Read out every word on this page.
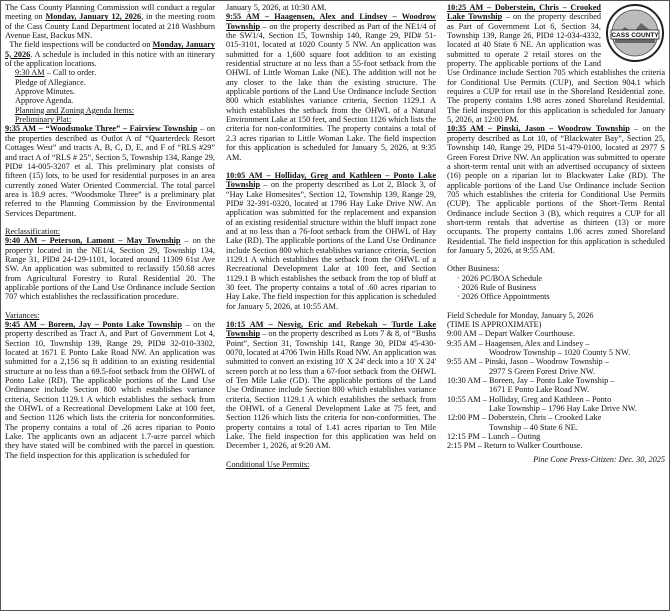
The Cass County Planning Commission will conduct a regular meeting on Monday, January 12, 2026, in the meeting room of the Cass County Land Department located at 218 Washburn Avenue East, Backus MN.

The field inspections will be conducted on Monday, January 5, 2026. A schedule is included in this notice with an itinerary of the application locations.

9:30 AM – Call to order.

Pledge of Allegiance.

Approve Minutes.

Approve Agenda.

Planning and Zoning Agenda Items:

Preliminary Plat:

9:35 AM – “Woodsmoke Three” – Fairview Township – on the properties described as Outlot A of “Quarterdeck Resort Cottages West” and tracts A, B, C, D, E, and F of “RLS #29” and tract A of “RLS # 25”, Section 5, Township 134, Range 29, PID# 14-005-3207 et al. This preliminary plat consists of fifteen (15) lots, to be used for residential purposes in an area currently zoned Water Oriented Commercial. The total parcel area is 18.9 acres. “Woodsmoke Three” is a preliminary plat referred to the Planning Commission by the Environmental Services Department.

Reclassification:

9:40 AM – Peterson, Lamont – May Township – on the property located in the NE1/4, Section 29, Township 134, Range 31, PID# 24-129-1101, located around 11309 61st Ave SW. An application was submitted to reclassify 150.68 acres from Agricultural Forestry to Rural Residential 20. The applicable portions of the Land Use Ordinance include Section 707 which establishes the reclassification procedure.

Variances:

9:45 AM – Boreen, Jay – Ponto Lake Township – on the property described as Tract A, and Part of Government Lot 4, Section 10, Township 139, Range 29, PID# 32-010-3302, located at 1671 E Ponto Lake Road NW. An application was submitted for a 2,156 sq ft addition to an existing residential structure at no less than a 69.5-foot setback from the OHWL of Ponto Lake (RD). The applicable portions of the Land Use Ordinance include Section 800 which establishes variance criteria, Section 1129.1 A which establishes the setback from the OHWL of a Recreational Development Lake at 100 feet, and Section 1126 which lists the criteria for nonconformities. The property contains a total of .26 acres riparian to Ponto Lake. The applicants own an adjacent 1.7-acre parcel which they have stated will be combined with the parcel in question. The field inspection for this application is scheduled for

January 5, 2026, at 10:30 AM.

9:55 AM – Haagensen, Alex and Lindsey – Woodrow Township – on the property described as Part of the NE1/4 of the SW1/4, Section 15, Township 140, Range 29, PID# 51-015-3101, located at 1020 County 5 NW. An application was submitted for a 1,600 square foot addition to an existing residential structure at no less than a 55-foot setback from the OHWL of Little Woman Lake (NE). The addition will not be any closer to the lake than the existing structure. The applicable portions of the Land Use Ordinance include Section 800 which establishes variance criteria, Section 1129.1 A which establishes the setback from the OHWL of a Natural Environment Lake at 150 feet, and Section 1126 which lists the criteria for non-conformities. The property contains a total of 2.3 acres riparian to Little Woman Lake. The field inspection for this application is scheduled for January 5, 2026, at 9:35 AM.

10:05 AM – Holliday, Greg and Kathleen – Ponto Lake Township – on the property described as Lot 2, Block 3, of “Hay Lake Homesites”, Section 12, Township 139, Range 29, PID# 32-391-0320, located at 1796 Hay Lake Drive NW. An application was submitted for the replacement and expansion of an existing residential structure within the bluff impact zone and at no less than a 76-foot setback from the OHWL of Hay Lake (RD). The applicable portions of the Land Use Ordinance include Section 800 which establishes variance criteria, Section 1129.1 A which establishes the setback from the OHWL of a Recreational Development Lake at 100 feet, and Section 1129.1 B which establishes the setback from the top of bluff at 30 feet. The property contains a total of .60 acres riparian to Hay Lake. The field inspection for this application is scheduled for January 5, 2026, at 10:55 AM.

10:15 AM – Nesvig, Eric and Rebekah – Turtle Lake Township – on the property described as Lots 7 & 8, of “Bushs Point”, Section 31, Township 141, Range 30, PID# 45-430-0070, located at 4706 Twin Hills Road NW. An application was submitted to convert an existing 10' X 24' deck into a 10' X 24' screen porch at no less than a 67-foot setback from the OHWL of Ten Mile Lake (GD). The applicable portions of the Land Use Ordinance include Section 800 which establishes variance criteria, Section 1129.1 A which establishes the setback from the OHWL of a General Development Lake at 75 feet, and Section 1126 which lists the criteria for non-conformities. The property contains a total of 1.41 acres riparian to Ten Mile Lake. The field inspection for this application was held on December 1, 2026, at 9:20 AM.

Conditional Use Permits:

CASS COUNTY

10:25 AM – Doberstein, Chris – Crooked Lake Township – on the property described as Part of Government Lot 6, Section 34, Township 139, Range 26, PID# 12-034-4332, located at 40 State 6 NE. An application was submitted to operate 2 retail stores on the property. The applicable portions of the Land Use Ordinance include Section 705 which establishes the criteria for Conditional Use Permits (CUP), and Section 904.1 which requires a CUP for retail use in the Shoreland Residential zone. The property contains 1.98 acres zoned Shoreland Residential. The field inspection for this application is scheduled for January 5, 2026, at 12:00 PM.

10:35 AM – Pinski, Jason – Woodrow Township – on the property described as Lot 10, of “Blackwater Bay”, Section 25, Township 140, Range 29, PID# 51-479-0100, located at 2977 S Green Forest Drive NW. An application was submitted to operate a short-term rental unit with an advertised occupancy of sixteen (16) people on a riparian lot to Blackwater Lake (RD). The applicable portions of the Land Use Ordinance include Section 705 which establishes the criteria for Conditional Use Permits (CUP). The applicable portions of the Short-Term Rental Ordinance include Section 3 (B), which requires a CUP for all short-term rentals that advertise as thirteen (13) or more occupants. The property contains 1.06 acres zoned Shoreland Residential. The field inspection for this application is scheduled for January 5, 2026, at 9:55 AM.

Other Business:

· 2026 PC/BOA Schedule

· 2026 Rule of Business

· 2026 Office Appointments

Field Schedule for Monday, January 5, 2026

(TIME IS APPROXIMATE)

9:00 AM – Depart Walker Courthouse.

9:35 AM – Haagensen, Alex and Lindsey –

Woodrow Township – 1020 County 5 NW.

9:55 AM – Pinski, Jason – Woodrow Township –

2977 S Green Forest Drive NW.

10:30 AM – Boreen, Jay – Ponto Lake Township –

1671 E Ponto Lake Road NW.

10:55 AM – Holliday, Greg and Kathleen – Ponto

Lake Township – 1796 Hay Lake Drive NW.

12:00 PM – Doberstein, Chris – Crooked Lake

Township – 40 State 6 NE.

12:15 PM – Lunch – Outing

2:15 PM – Return to Walker Courthouse.

Pine Cone Press-Citizen: Dec. 30, 2025
